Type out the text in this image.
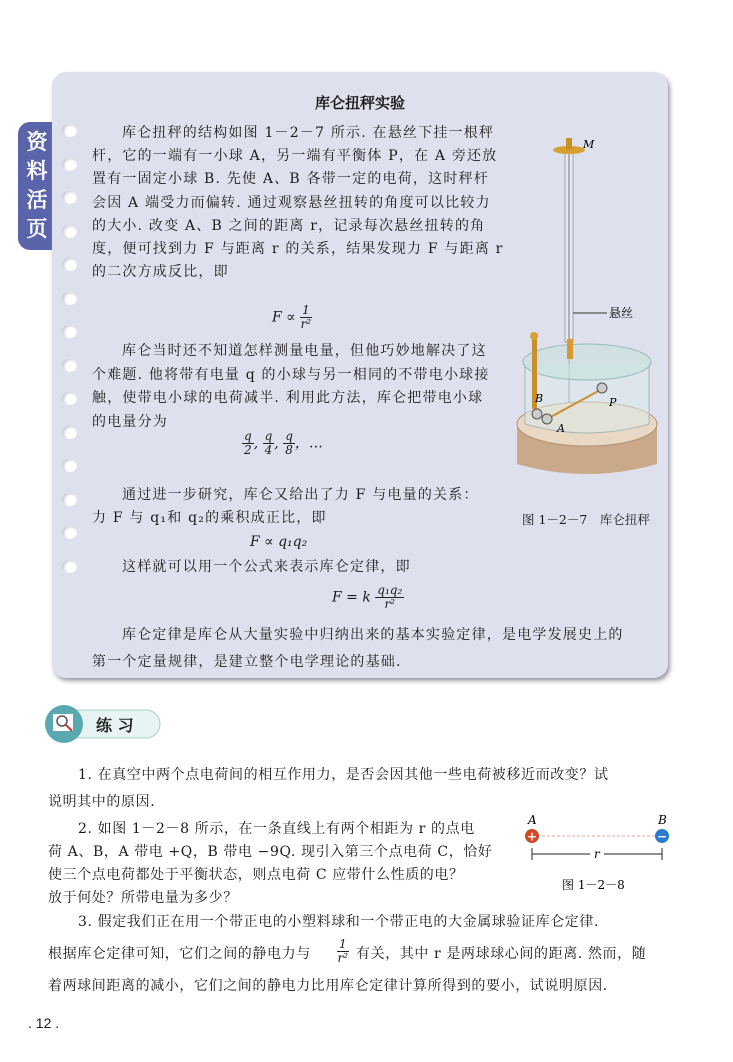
资料活页
库仑扭秤实验
库仑扭秤的结构如图 1－2－7 所示. 在悬丝下挂一根秤
杆，它的一端有一小球 A，另一端有平衡体 P，在 A 旁还放
置有一固定小球 B. 先使 A、B 各带一定的电荷，这时秤杆
会因 A 端受力而偏转. 通过观察悬丝扭转的角度可以比较力
的大小. 改变 A、B 之间的距离 r，记录每次悬丝扭转的角
度，便可找到力 F 与距离 r 的关系，结果发现力 F 与距离 r
的二次方成反比，即
库仑当时还不知道怎样测量电量，但他巧妙地解决了这
个难题. 他将带有电量 q 的小球与另一相同的不带电小球接
触，使带电小球的电荷减半. 利用此方法，库仑把带电小球
的电量分为
通过进一步研究，库仑又给出了力 F 与电量的关系：
力 F 与 q₁和 q₂的乘积成正比，即
这样就可以用一个公式来表示库仑定律，即
库仑定律是库仑从大量实验中归纳出来的基本实验定律，是电学发展史上的
第一个定量规律，是建立整个电学理论的基础.
$F \propto \frac{1}{\text{r²}}$
$\frac{q}{2}$, $\frac{q}{4}$, $\frac{q}{8}$，…
F ∝ q₁q₂
F = k $\frac{\text{q₁q₂}}{\text{r²}}$
M
悬丝
B	P
A
图 1－2－7　库仑扭秤
练 习
1. 在真空中两个点电荷间的相互作用力，是否会因其他一些电荷被移近而改变？试
说明其中的原因.
2. 如图 1－2－8 所示，在一条直线上有两个相距为 r 的点电
荷 A、B，A 带电 +Q，B 带电 −9Q. 现引入第三个点电荷 C，恰好
使三个点电荷都处于平衡状态，则点电荷 C 应带什么性质的电？
放于何处？所带电量为多少？
3. 假定我们正在用一个带正电的小塑料球和一个带正电的大金属球验证库仑定律.
根据库仑定律可知，它们之间的静电力与	有关，其中 r 是两球球心间的距离. 然而，随
着两球间距离的减小，它们之间的静电力比用库仑定律计算所得到的要小，试说明原因.
$\frac{1}{\text{r²}}$
A	B
+	−
r
图 1－2－8
. 12 .
